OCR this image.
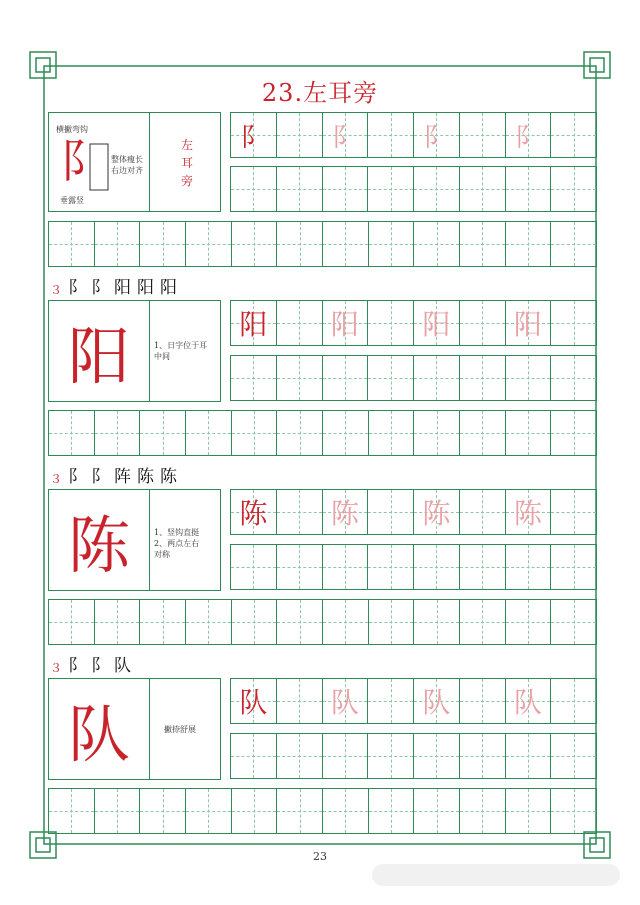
23.左耳旁
横撇弯钩
垂露竖
阝 整体瘦长
右边对齐
左
耳
旁
阝	阝	阝	阝
３ 阝 阝 阳 阳 阳
阳	1、日字位于耳
中间
阳 阳 阳 阳
３ 阝 阝 阵 陈 陈
陈	1、竖钩直挺
2、两点左右
对称
陈 陈 陈 陈
３ 阝 阝 队
队	撇捺舒展
队 队 队 队
23
